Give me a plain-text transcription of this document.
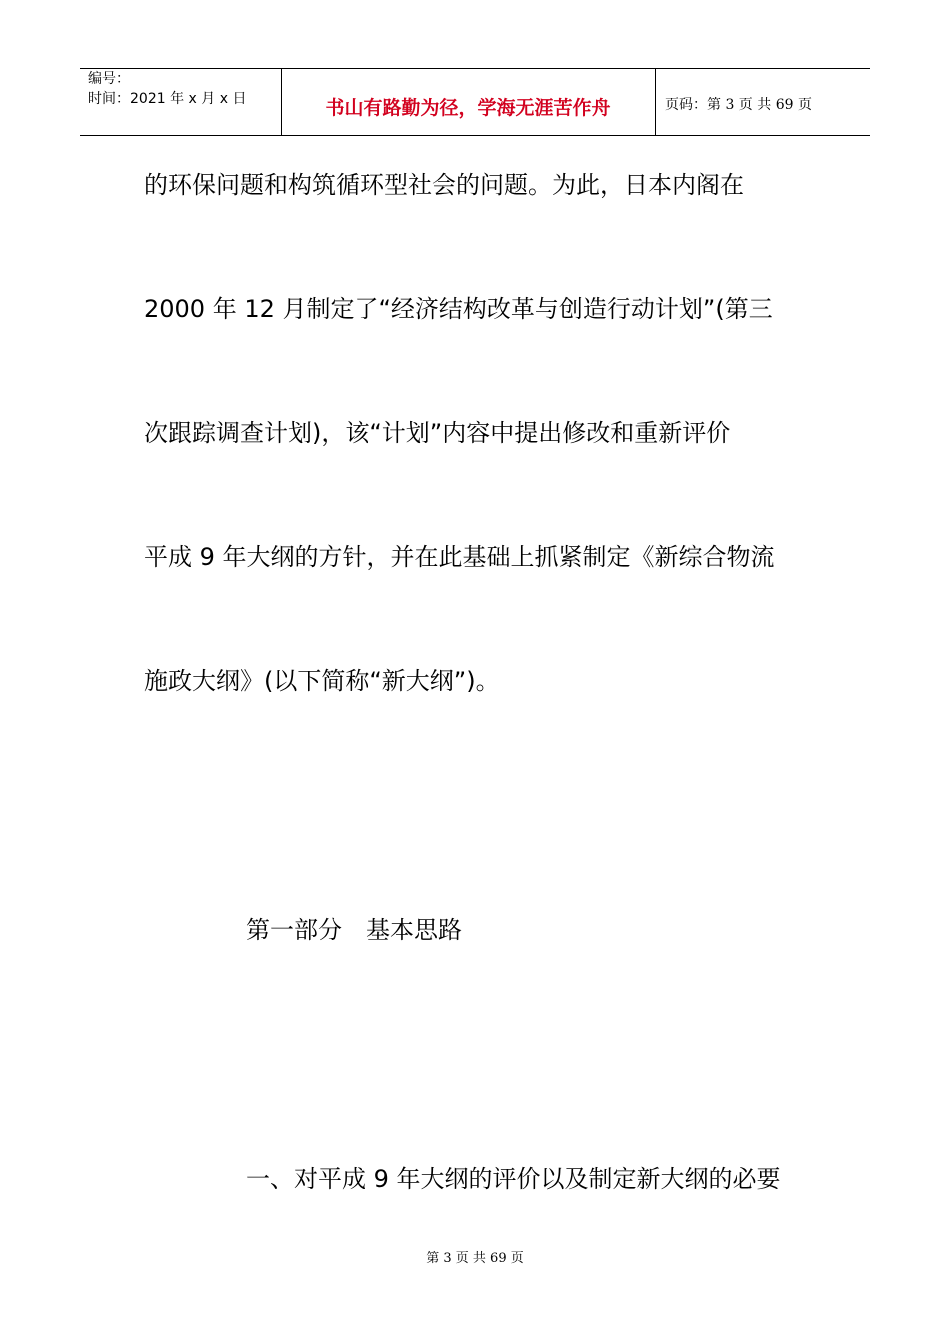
编号：
时间：2021 年 x 月 x 日	书山有路勤为径，学海无涯苦作舟	页码：第 3 页 共 69 页
的环保问题和构筑循环型社会的问题。为此，日本内阁在
2000 年 12 月制定了“经济结构改革与创造行动计划”(第三
次跟踪调查计划)，该“计划”内容中提出修改和重新评价
平成 9 年大纲的方针，并在此基础上抓紧制定《新综合物流
施政大纲》(以下简称“新大纲”)。
第一部分　基本思路
一、对平成 9 年大纲的评价以及制定新大纲的必要
第 3 页 共 69 页
